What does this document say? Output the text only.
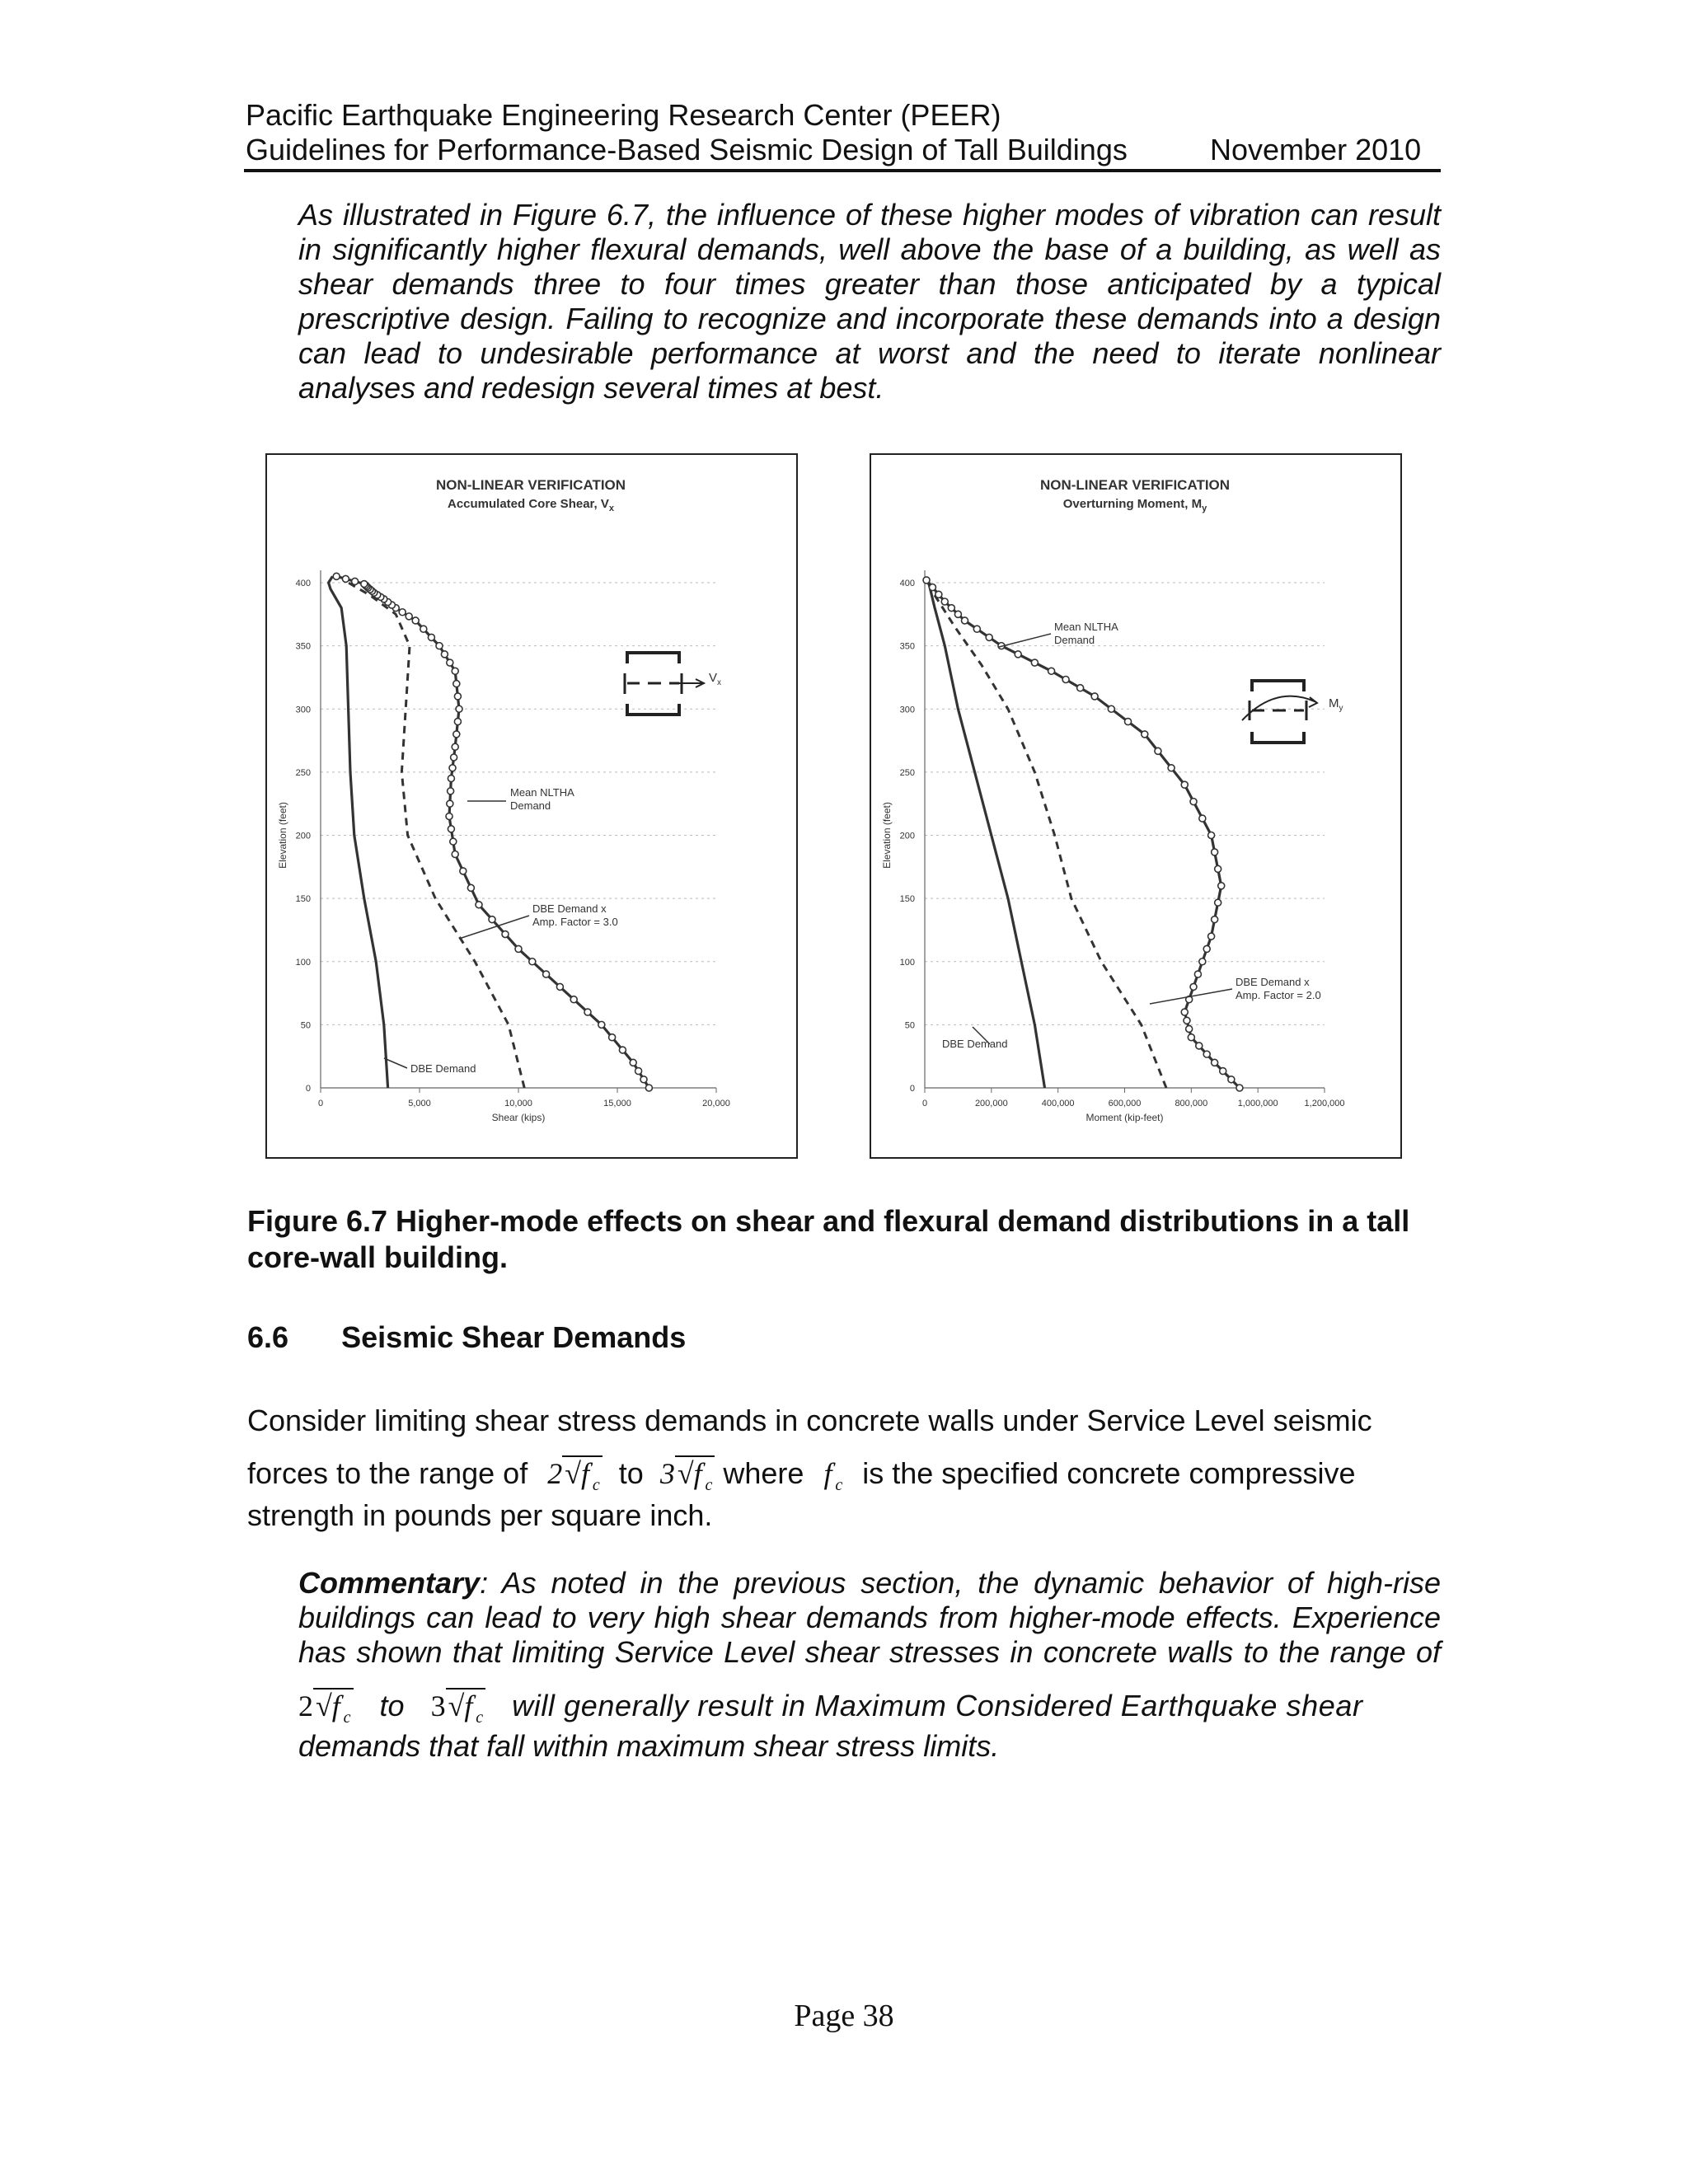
Pacific Earthquake Engineering Research Center (PEER)
Guidelines for Performance-Based Seismic Design of Tall Buildings	November 2010
As illustrated in Figure 6.7, the influence of these higher modes of vibration can result in significantly higher flexural demands, well above the base of a building, as well as shear demands three to four times greater than those anticipated by a typical prescriptive design. Failing to recognize and incorporate these demands into a design can lead to undesirable performance at worst and the need to iterate nonlinear analyses and redesign several times at best.
NON-LINEAR VERIFICATION
Accumulated Core Shear, $V_x$
0
50
100
150
200
250
300
350
400
0	5,000	10,000	15,000	20,000
Shear (kips)
Elevation (feet)
$V_x$
Mean NLTHA
Demand
DBE Demand x
Amp. Factor = 3.0
DBE Demand
NON-LINEAR VERIFICATION
Overturning Moment, $M_y$
0
50
100
150
200
250
300
350
400
0	200,000	400,000	600,000	800,000	1,000,000	1,200,000
Moment (kip-feet)
Elevation (feet)
$M_y$
Mean NLTHA
Demand
DBE Demand x
Amp. Factor = 2.0
DBE Demand
Figure 6.7 Higher-mode effects on shear and flexural demand distributions in a tall core-wall building.
6.6 Seismic Shear Demands
Consider limiting shear stress demands in concrete walls under Service Level seismic
forces to the range of $2√f'_c$ to $3√f'_c$ where $f'_c$ is the specified concrete compressive
strength in pounds per square inch.
Commentary: As noted in the previous section, the dynamic behavior of high-rise
buildings can lead to very high shear demands from higher-mode effects. Experience
has shown that limiting Service Level shear stresses in concrete walls to the range of
$2√f'_c$ to $3√f'_c$ will generally result in Maximum Considered Earthquake shear
demands that fall within maximum shear stress limits.
Page 38
